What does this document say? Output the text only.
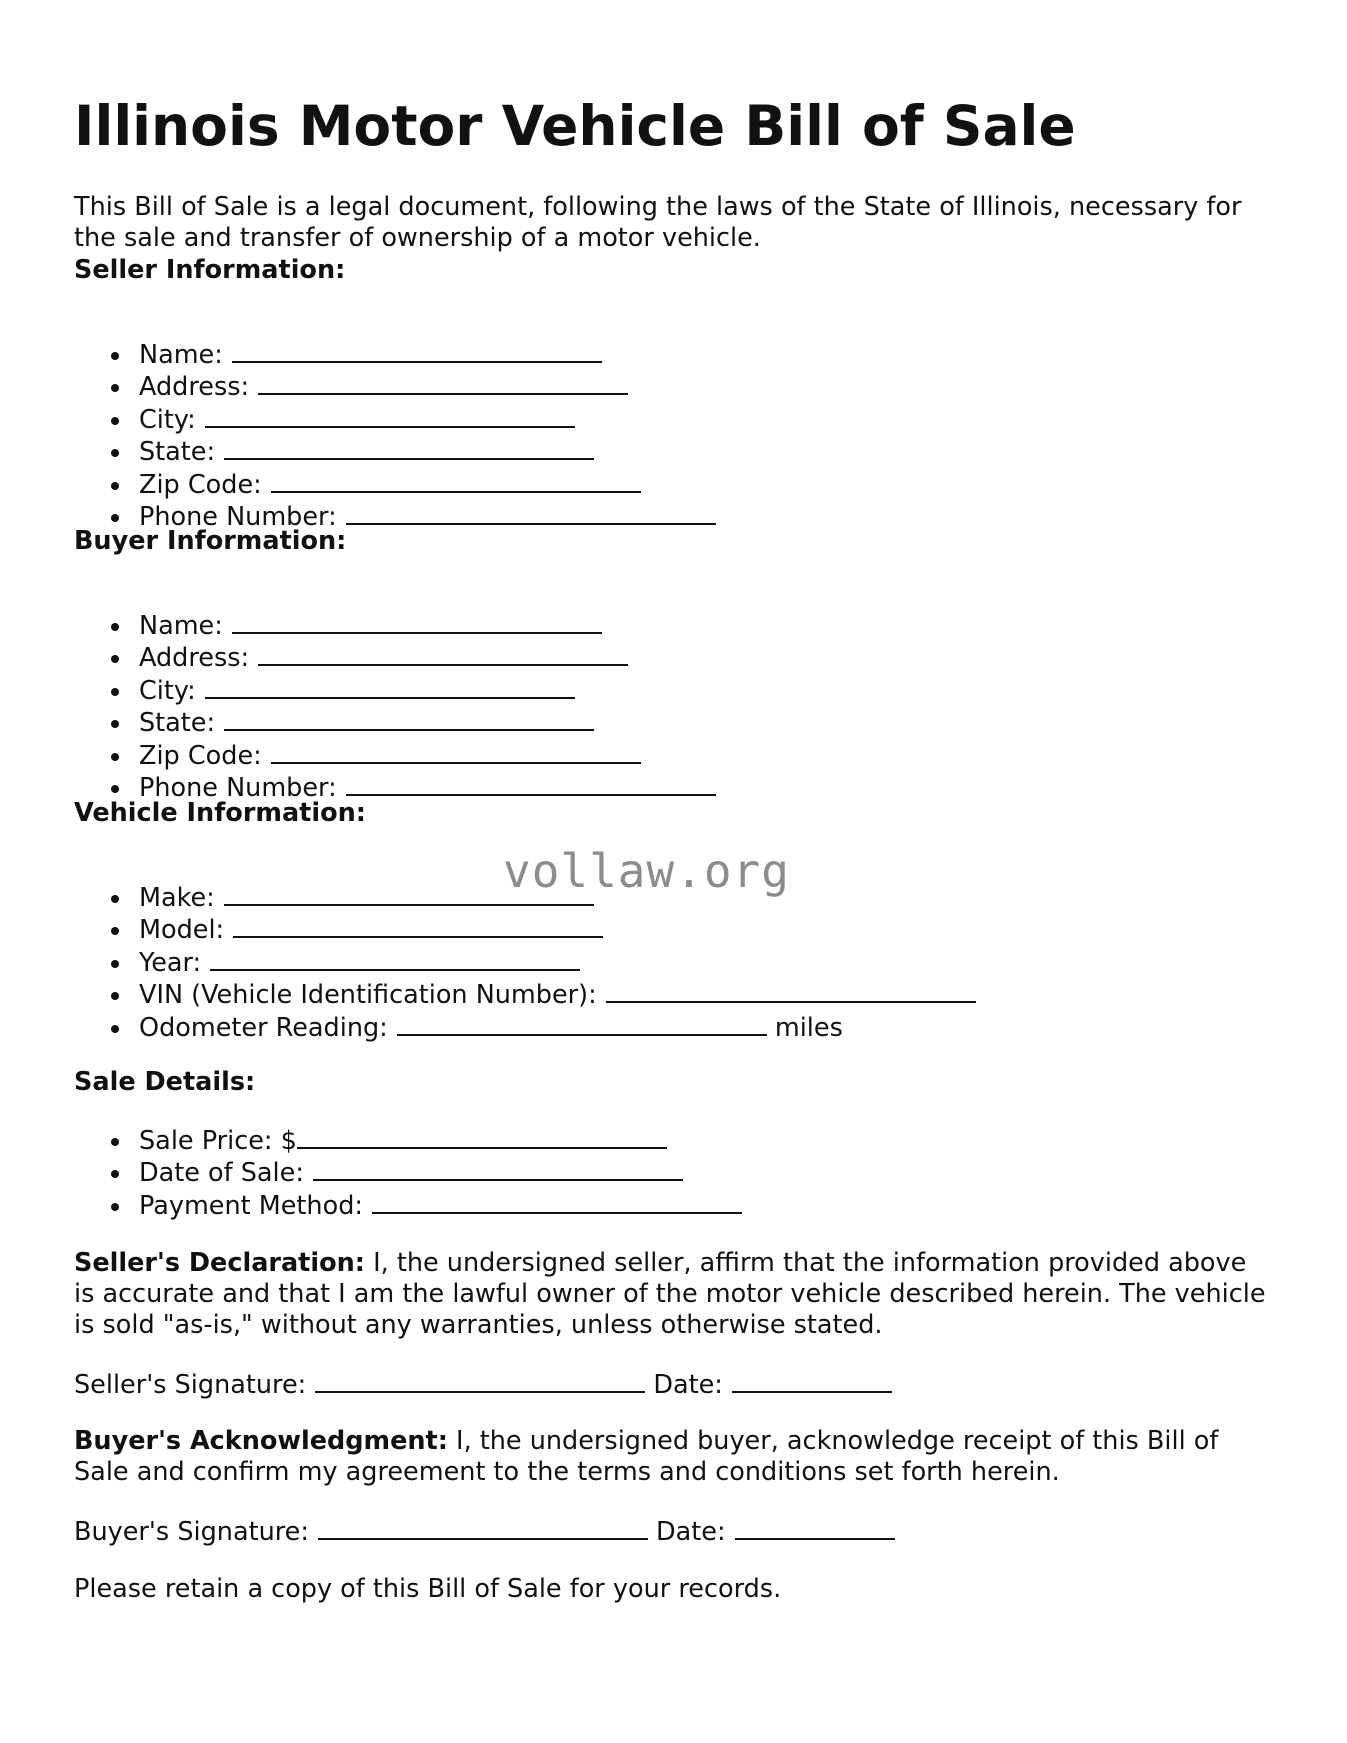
Illinois Motor Vehicle Bill of Sale

This Bill of Sale is a legal document, following the laws of the State of Illinois, necessary for the sale and transfer of ownership of a motor vehicle.

Seller Information:

Name:
Address:
City:
State:
Zip Code:
Phone Number:

Buyer Information:

Name:
Address:
City:
State:
Zip Code:
Phone Number:

Vehicle Information:

Make:
Model:
Year:
VIN (Vehicle Identification Number):
Odometer Reading:	miles

Sale Details:

Sale Price: $
Date of Sale:
Payment Method:

Seller's Declaration: I, the undersigned seller, affirm that the information provided above is accurate and that I am the lawful owner of the motor vehicle described herein. The vehicle is sold "as-is," without any warranties, unless otherwise stated.

Seller's Signature:	Date:

Buyer's Acknowledgment: I, the undersigned buyer, acknowledge receipt of this Bill of Sale and confirm my agreement to the terms and conditions set forth herein.

Buyer's Signature:	Date:

Please retain a copy of this Bill of Sale for your records.

vollaw.org
